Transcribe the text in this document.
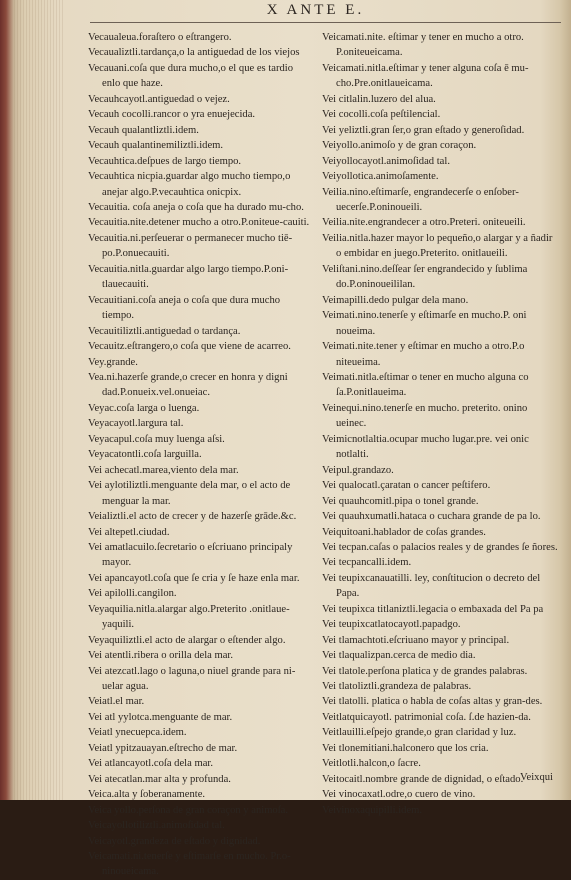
X ANTE E.

Vecaualeua.foraſtero o eſtrangero.

Vecaualiztli.tardança,o la antiguedad de los viejos

Vecauani.coſa que dura mucho,o el que es tardio enlo que haze.

Vecauhcayotl.antiguedad o vejez.

Vecauh cocolli.rancor o yra enuejecida.

Vecauh qualantliztli.idem.

Vecauh qualantinemiliztli.idem.

Vecauhtica.deſpues de largo tiempo.

Vecauhtica nicpia.guardar algo mucho tiempo,o anejar algo.P.vecauhtica onicpix.

Vecauitia. coſa aneja o coſa que ha durado mu-cho.

Vecauitia.nite.detener mucho a otro.P.oniteue-cauiti.

Vecauitia.ni.perſeuerar o permanecer mucho tiē-po.P.onuecauiti.

Vecauitia.nitla.guardar algo largo tiempo.P.oni-tlauecauiti.

Vecauitiani.coſa aneja o coſa que dura mucho tiempo.

Vecauitiliztli.antiguedad o tardança.

Vecauitz.eſtrangero,o coſa que viene de acarreo.

Vey.grande.

Vea.ni.hazerſe grande,o crecer en honra y digni dad.P.onueix.vel.onueiac.

Veyac.coſa larga o luenga.

Veyacayotl.largura tal.

Veyacapul.coſa muy luenga aſsi.

Veyacatontli.coſa larguilla.

Vei achecatl.marea,viento dela mar.

Vei aylotiliztli.menguante dela mar, o el acto de menguar la mar.

Veializtli.el acto de crecer y de hazerſe grāde.&c.

Vei altepetl.ciudad.

Vei amatlacuilo.ſecretario o eſcriuano principaly mayor.

Vei apancayotl.coſa que ſe cria y ſe haze enla mar.

Vei apilolli.cangilon.

Veyaquilia.nitla.alargar algo.Preterito .onitlaue-yaquili.

Veyaquiliztli.el acto de alargar o eſtender algo.

Vei atentli.ribera o orilla dela mar.

Vei atezcatl.lago o laguna,o niuel grande para ni-uelar agua.

Veiatl.el mar.

Vei atl yylotca.menguante de mar.

Veiatl ynecuepca.idem.

Veiatl ypitzauayan.eſtrecho de mar.

Vei atlancayotl.coſa dela mar.

Vei atecatlan.mar alta y profunda.

Veica.alta y ſoberanamente.

Veica yollo.perſona de gran coraçon y animoſa.

Veicayollotiliztli.animoſidad tal.

Veicayotl.grandeza de eſtado y dignidad.

Veicamati.ni.tenerſe y eſtimarſe en mucho. Pr.o-ninoueicama.

Veicamati.nite. eſtimar y tener en mucho a otro. P.oniteueicama.

Veicamati.nitla.eſtimar y tener alguna coſa ē mu-cho.Pre.onitlaueicama.

Vei citlalin.luzero del alua.

Vei cocolli.coſa peſtilencial.

Vei yeliztli.gran ſer,o gran eſtado y generoſidad.

Veiyollo.animoſo y de gran coraçon.

Veiyollocayotl.animoſidad tal.

Veiyollotica.animoſamente.

Veilia.nino.eſtimarſe, engrandecerſe o enſober-uecerſe.P.oninoueili.

Veilia.nite.engrandecer a otro.Preteri. oniteueili.

Veilia.nitla.hazer mayor lo pequeño,o alargar y a ñadir o embidar en juego.Preterito. onitlaueili.

Veliſtani.nino.deſſear ſer engrandecido y ſublima do.P.oninoueililan.

Veimapilli.dedo pulgar dela mano.

Veimati.nino.tenerſe y eſtimarſe en mucho.P. oni noueima.

Veimati.nite.tener y eſtimar en mucho a otro.P.o niteueima.

Veimati.nitla.eſtimar o tener en mucho alguna co ſa.P.onitlaueima.

Veinequi.nino.tenerſe en mucho. preterito. onino ueinec.

Veimicnotlaltia.ocupar mucho lugar.pre. vei onic notlalti.

Veipul.grandazo.

Vei qualocatl.çaratan o cancer peſtifero.

Vei quauhcomitl.pipa o tonel grande.

Vei quauhxumatli.hataca o cuchara grande de pa lo.

Veiquitoani.hablador de coſas grandes.

Vei tecpan.caſas o palacios reales y de grandes ſe ñores.

Vei tecpancalli.idem.

Vei teupixcanauatilli. ley, conſtitucion o decreto del Papa.

Vei teupixca titlaniztli.legacia o embaxada del Pa pa

Vei teupixcatlatocayotl.papadgo.

Vei tlamachtoti.eſcriuano mayor y principal.

Vei tlaqualizpan.cerca de medio dia.

Vei tlatole.perſona platica y de grandes palabras.

Vei tlatoliztli.grandeza de palabras.

Vei tlatolli. platica o habla de coſas altas y gran-des.

Veitlatquicayotl. patrimonial coſa. ſ.de hazien-da.

Veitlauilli.eſpejo grande,o gran claridad y luz.

Vei tlonemitiani.halconero que los cria.

Veitlotli.halcon,o ſacre.

Veitocaitl.nombre grande de dignidad, o eſtado.

Vei vinocaxatl.odre,o cuero de vino.

Veivinoxaquipilli.idem.

Veixqui
